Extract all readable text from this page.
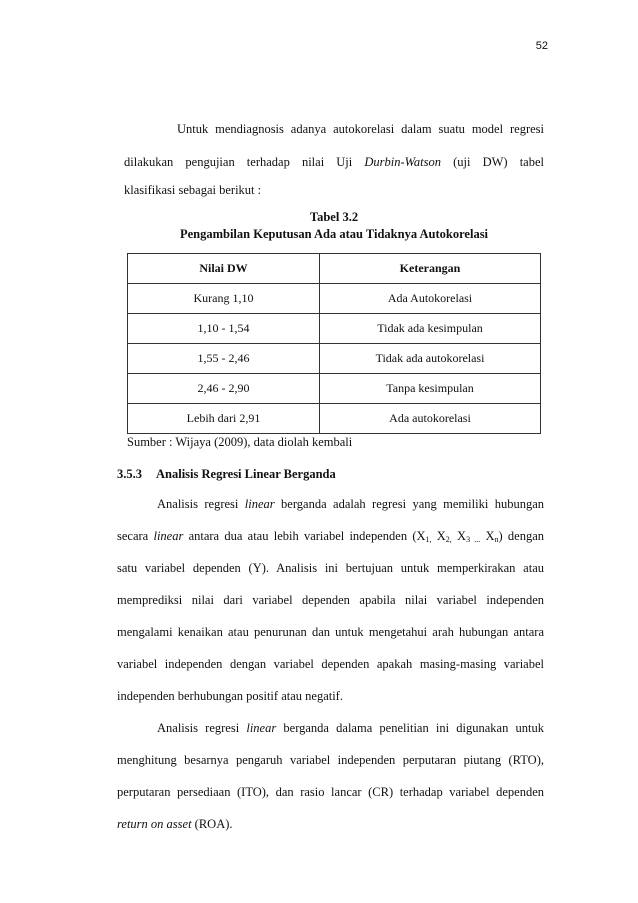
52

Untuk mendiagnosis adanya autokorelasi dalam suatu model regresi

dilakukan pengujian terhadap nilai Uji Durbin-Watson (uji DW) tabel

klasifikasi sebagai berikut :

Tabel 3.2

Pengambilan Keputusan Ada atau Tidaknya Autokorelasi

Nilai DW	Keterangan
Kurang 1,10	Ada Autokorelasi
1,10 - 1,54	Tidak ada kesimpulan
1,55 - 2,46	Tidak ada autokorelasi
2,46 - 2,90	Tanpa kesimpulan
Lebih dari 2,91	Ada autokorelasi

Sumber : Wijaya (2009), data diolah kembali

3.5.3 Analisis Regresi Linear Berganda

Analisis regresi linear berganda adalah regresi yang memiliki hubungan

secara linear antara dua atau lebih variabel independen ($X_{1,}$ $X_{2,}$ $X_{3 ...}$ $X_n$) dengan

satu variabel dependen (Y). Analisis ini bertujuan untuk memperkirakan atau

memprediksi nilai dari variabel dependen apabila nilai variabel independen

mengalami kenaikan atau penurunan dan untuk mengetahui arah hubungan antara

variabel independen dengan variabel dependen apakah masing-masing variabel

independen berhubungan positif atau negatif.

Analisis regresi linear berganda dalama penelitian ini digunakan untuk

menghitung besarnya pengaruh variabel independen perputaran piutang (RTO),

perputaran persediaan (ITO), dan rasio lancar (CR) terhadap variabel dependen

return on asset (ROA).
